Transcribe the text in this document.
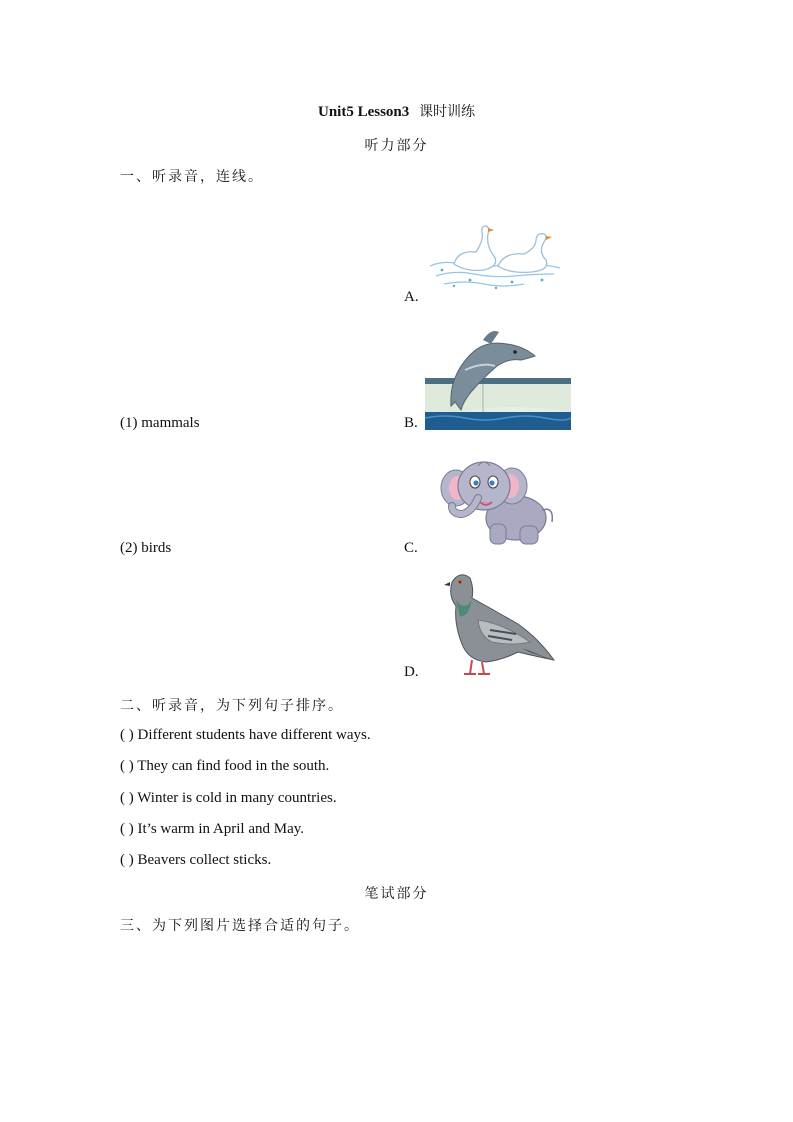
Unit5 Lesson3 课时训练
听力部分
一、听录音，连线。
A.
(1) mammals	B.
(2) birds	C.
D.
二、听录音，为下列句子排序。
( ) Different students have different ways.
( ) They can find food in the south.
( ) Winter is cold in many countries.
( ) It’s warm in April and May.
( ) Beavers collect sticks.
笔试部分
三、为下列图片选择合适的句子。
